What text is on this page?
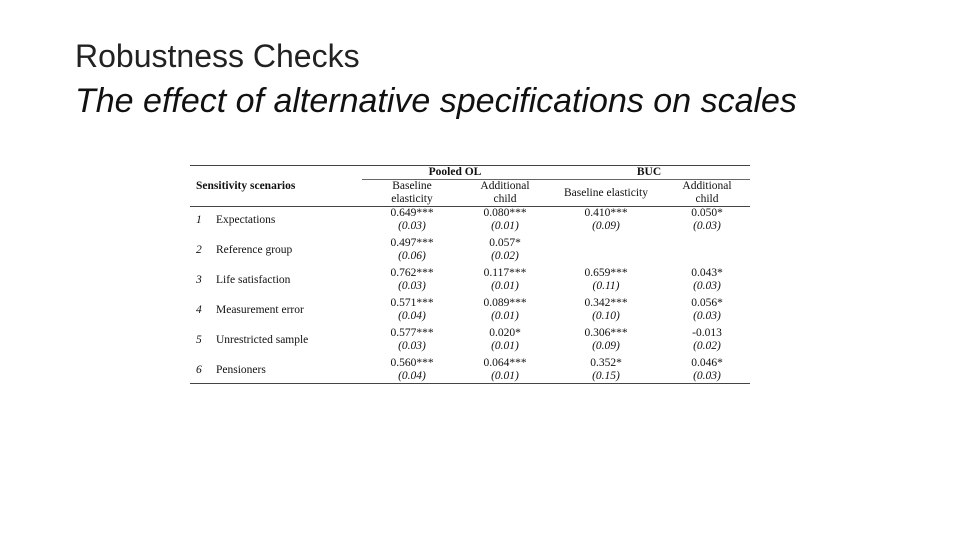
Robustness Checks
The effect of alternative specifications on scales

		Pooled OL		BUC	
Sensitivity scenarios		Baseline	Additional	Baseline elasticity	Additional
		elasticity	child		child

1	Expectations	0.649***	0.080***	0.410***	0.050*
		(0.03)	(0.01)	(0.09)	(0.03)

2	Reference group	0.497***	0.057*		
		(0.06)	(0.02)		

3	Life satisfaction	0.762***	0.117***	0.659***	0.043*
		(0.03)	(0.01)	(0.11)	(0.03)

4	Measurement error	0.571***	0.089***	0.342***	0.056*
		(0.04)	(0.01)	(0.10)	(0.03)

5	Unrestricted sample	0.577***	0.020*	0.306***	-0.013
		(0.03)	(0.01)	(0.09)	(0.02)

6	Pensioners	0.560***	0.064***	0.352*	0.046*
		(0.04)	(0.01)	(0.15)	(0.03)
